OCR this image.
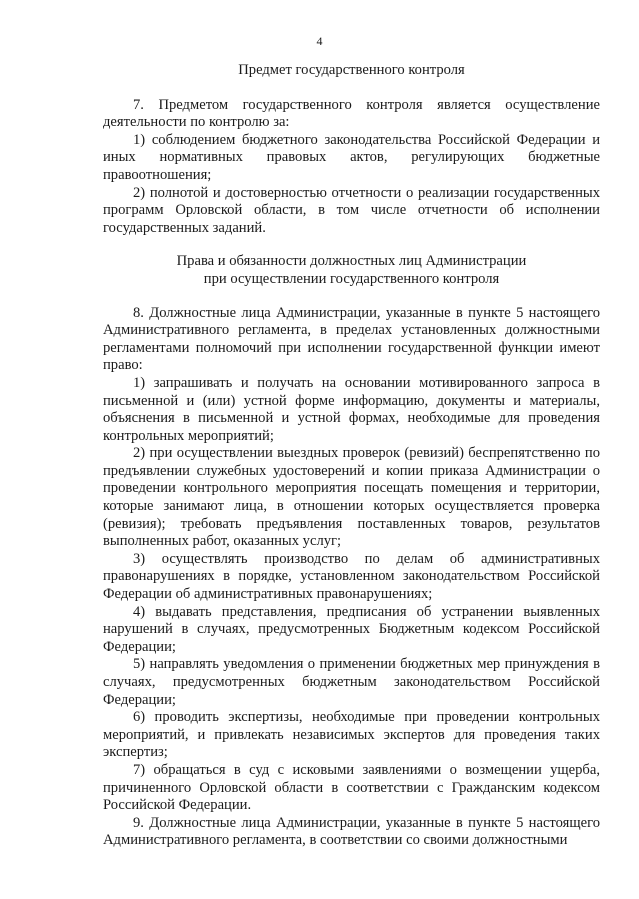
4
Предмет государственного контроля

7. Предметом государственного контроля является осуществление деятельности по контролю за:

1) соблюдением бюджетного законодательства Российской Федерации и иных нормативных правовых актов, регулирующих бюджетные правоотношения;

2) полнотой и достоверностью отчетности о реализации государственных программ Орловской области, в том числе отчетности об исполнении государственных заданий.

Права и обязанности должностных лиц Администрации
при осуществлении государственного контроля

8. Должностные лица Администрации, указанные в пункте 5 настоящего Административного регламента, в пределах установленных должностными регламентами полномочий при исполнении государственной функции имеют право:

1) запрашивать и получать на основании мотивированного запроса в письменной и (или) устной форме информацию, документы и материалы, объяснения в письменной и устной формах, необходимые для проведения контрольных мероприятий;

2) при осуществлении выездных проверок (ревизий) беспрепятственно по предъявлении служебных удостоверений и копии приказа Администрации о проведении контрольного мероприятия посещать помещения и территории, которые занимают лица, в отношении которых осуществляется проверка (ревизия); требовать предъявления поставленных товаров, результатов выполненных работ, оказанных услуг;

3) осуществлять производство по делам об административных правонарушениях в порядке, установленном законодательством Российской Федерации об административных правонарушениях;

4) выдавать представления, предписания об устранении выявленных нарушений в случаях, предусмотренных Бюджетным кодексом Российской Федерации;

5) направлять уведомления о применении бюджетных мер принуждения в случаях, предусмотренных бюджетным законодательством Российской Федерации;

6) проводить экспертизы, необходимые при проведении контрольных мероприятий, и привлекать независимых экспертов для проведения таких экспертиз;

7) обращаться в суд с исковыми заявлениями о возмещении ущерба, причиненного Орловской области в соответствии с Гражданским кодексом Российской Федерации.

9. Должностные лица Администрации, указанные в пункте 5 настоящего Административного регламента, в соответствии со своими должностными
